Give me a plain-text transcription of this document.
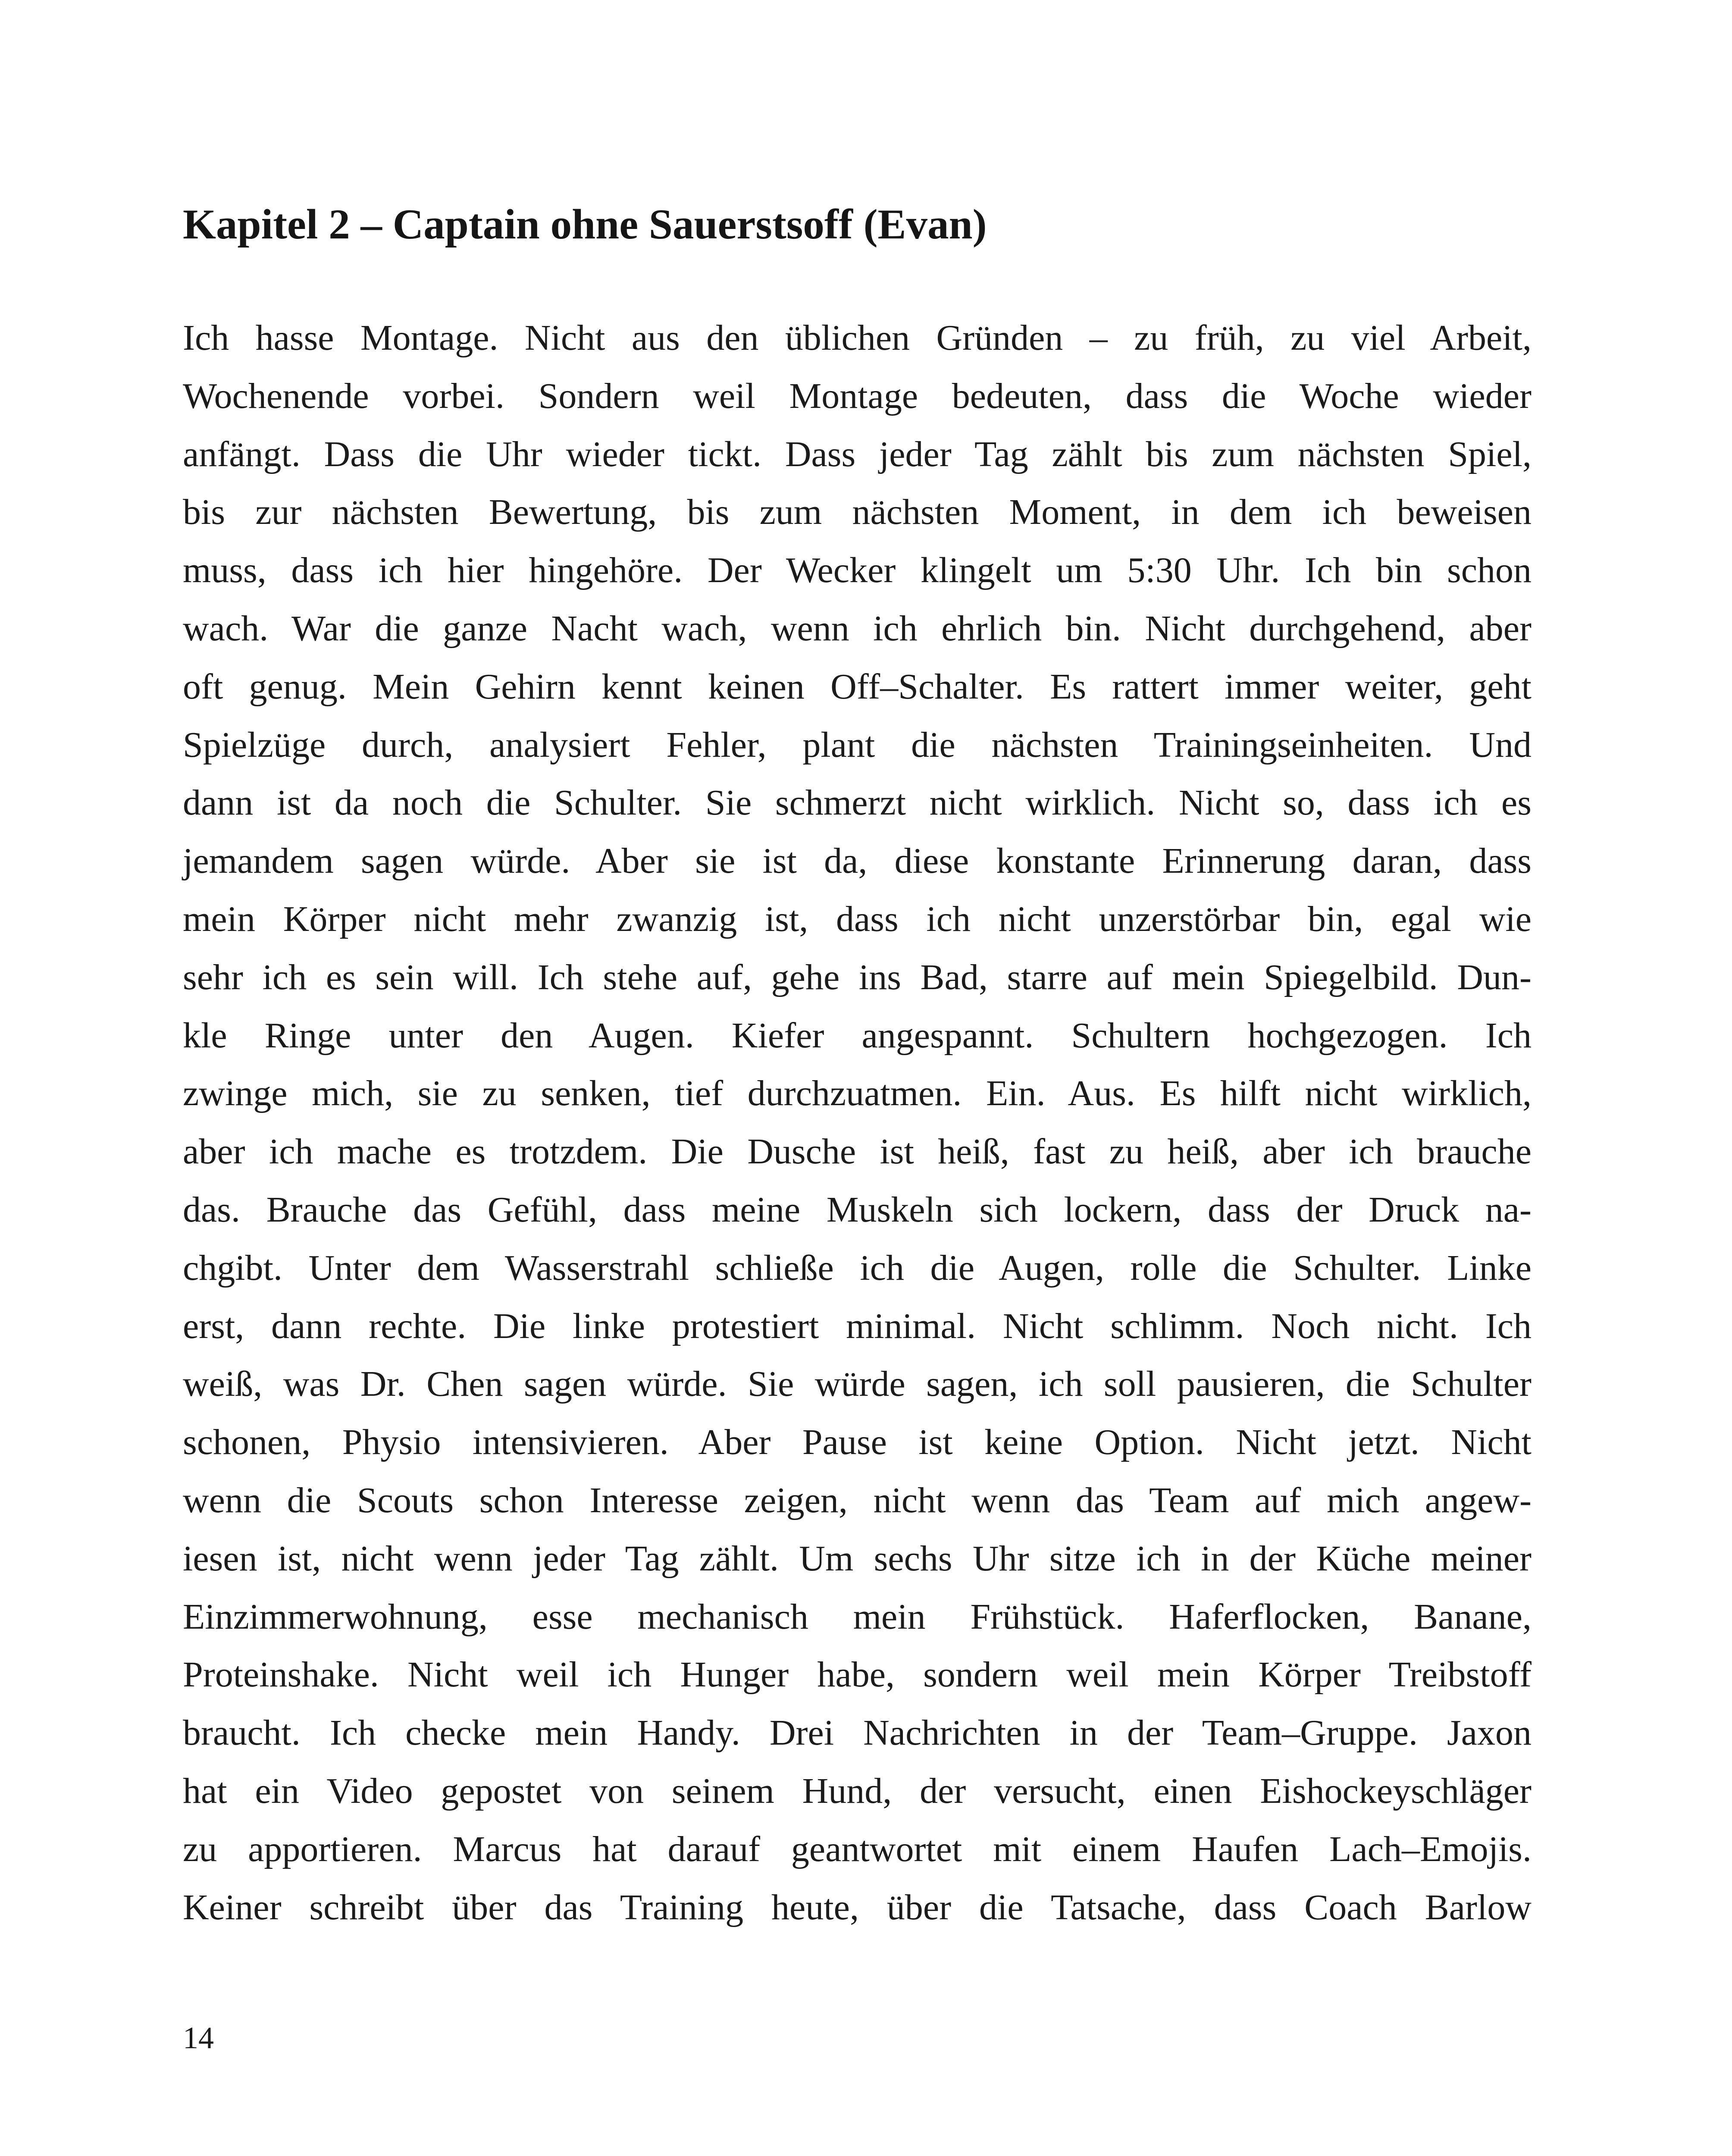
Kapitel 2 – Captain ohne Sauerstsoff (Evan)
Ich hasse Montage. Nicht aus den üblichen Gründen – zu früh, zu viel Arbeit,
Wochenende vorbei. Sondern weil Montage bedeuten, dass die Woche wieder
anfängt. Dass die Uhr wieder tickt. Dass jeder Tag zählt bis zum nächsten Spiel,
bis zur nächsten Bewertung, bis zum nächsten Moment, in dem ich beweisen
muss, dass ich hier hingehöre. Der Wecker klingelt um 5:30 Uhr. Ich bin schon
wach. War die ganze Nacht wach, wenn ich ehrlich bin. Nicht durchgehend, aber
oft genug. Mein Gehirn kennt keinen Off–Schalter. Es rattert immer weiter, geht
Spielzüge durch, analysiert Fehler, plant die nächsten Trainingseinheiten. Und
dann ist da noch die Schulter. Sie schmerzt nicht wirklich. Nicht so, dass ich es
jemandem sagen würde. Aber sie ist da, diese konstante Erinnerung daran, dass
mein Körper nicht mehr zwanzig ist, dass ich nicht unzerstörbar bin, egal wie
sehr ich es sein will. Ich stehe auf, gehe ins Bad, starre auf mein Spiegelbild. Dun-
kle Ringe unter den Augen. Kiefer angespannt. Schultern hochgezogen. Ich
zwinge mich, sie zu senken, tief durchzuatmen. Ein. Aus. Es hilft nicht wirklich,
aber ich mache es trotzdem. Die Dusche ist heiß, fast zu heiß, aber ich brauche
das. Brauche das Gefühl, dass meine Muskeln sich lockern, dass der Druck na-
chgibt. Unter dem Wasserstrahl schließe ich die Augen, rolle die Schulter. Linke
erst, dann rechte. Die linke protestiert minimal. Nicht schlimm. Noch nicht. Ich
weiß, was Dr. Chen sagen würde. Sie würde sagen, ich soll pausieren, die Schulter
schonen, Physio intensivieren. Aber Pause ist keine Option. Nicht jetzt. Nicht
wenn die Scouts schon Interesse zeigen, nicht wenn das Team auf mich angew-
iesen ist, nicht wenn jeder Tag zählt. Um sechs Uhr sitze ich in der Küche meiner
Einzimmerwohnung, esse mechanisch mein Frühstück. Haferflocken, Banane,
Proteinshake. Nicht weil ich Hunger habe, sondern weil mein Körper Treibstoff
braucht. Ich checke mein Handy. Drei Nachrichten in der Team–Gruppe. Jaxon
hat ein Video gepostet von seinem Hund, der versucht, einen Eishockeyschläger
zu apportieren. Marcus hat darauf geantwortet mit einem Haufen Lach–Emojis.
Keiner schreibt über das Training heute, über die Tatsache, dass Coach Barlow
14
